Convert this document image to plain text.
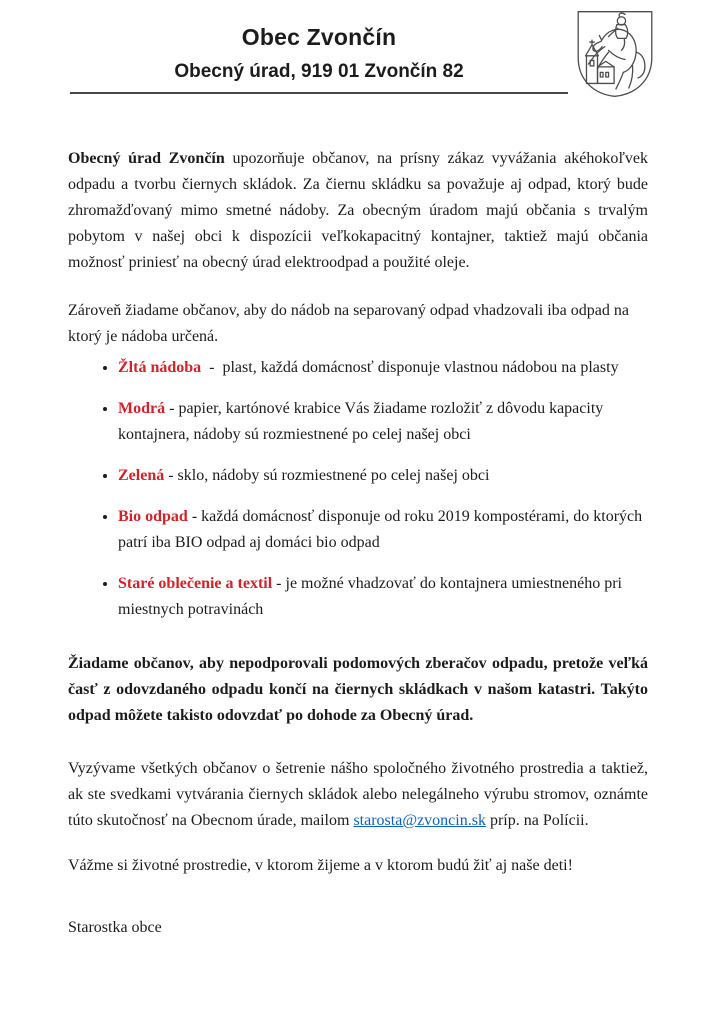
Obec Zvončín
Obecný úrad, 919 01 Zvončín 82

Obecný úrad Zvončín upozorňuje občanov, na prísny zákaz vyvážania akéhokoľvek odpadu a tvorbu čiernych skládok. Za čiernu skládku sa považuje aj odpad, ktorý bude zhromažďovaný mimo smetné nádoby. Za obecným úradom majú občania s trvalým pobytom v našej obci k dispozícii veľkokapacitný kontajner, taktiež majú občania možnosť priniesť na obecný úrad elektroodpad a použité oleje.

Zároveň žiadame občanov, aby do nádob na separovaný odpad vhadzovali iba odpad na ktorý je nádoba určená.

• Žltá nádoba  -  plast, každá domácnosť disponuje vlastnou nádobou na plasty
• Modrá - papier, kartónové krabice Vás žiadame rozložiť z dôvodu kapacity kontajnera, nádoby sú rozmiestnené po celej našej obci
• Zelená - sklo, nádoby sú rozmiestnené po celej našej obci
• Bio odpad - každá domácnosť disponuje od roku 2019 kompostérami, do ktorých patrí iba BIO odpad aj domáci bio odpad
• Staré oblečenie a textil - je možné vhadzovať do kontajnera umiestneného pri  miestnych potravinách

Žiadame občanov, aby nepodporovali podomových zberačov odpadu, pretože veľká časť z odovzdaného odpadu končí na čiernych skládkach v našom katastri. Takýto odpad môžete takisto odovzdať po dohode za Obecný úrad.

Vyzývame všetkých občanov o šetrenie nášho spoločného životného prostredia a taktiež, ak ste svedkami vytvárania čiernych skládok alebo nelegálneho výrubu stromov, oznámte túto skutočnosť na Obecnom úrade, mailom starosta@zvoncin.sk príp. na Polícii.

Vážme si životné prostredie, v ktorom žijeme a v ktorom budú žiť aj naše deti!

Starostka obce
